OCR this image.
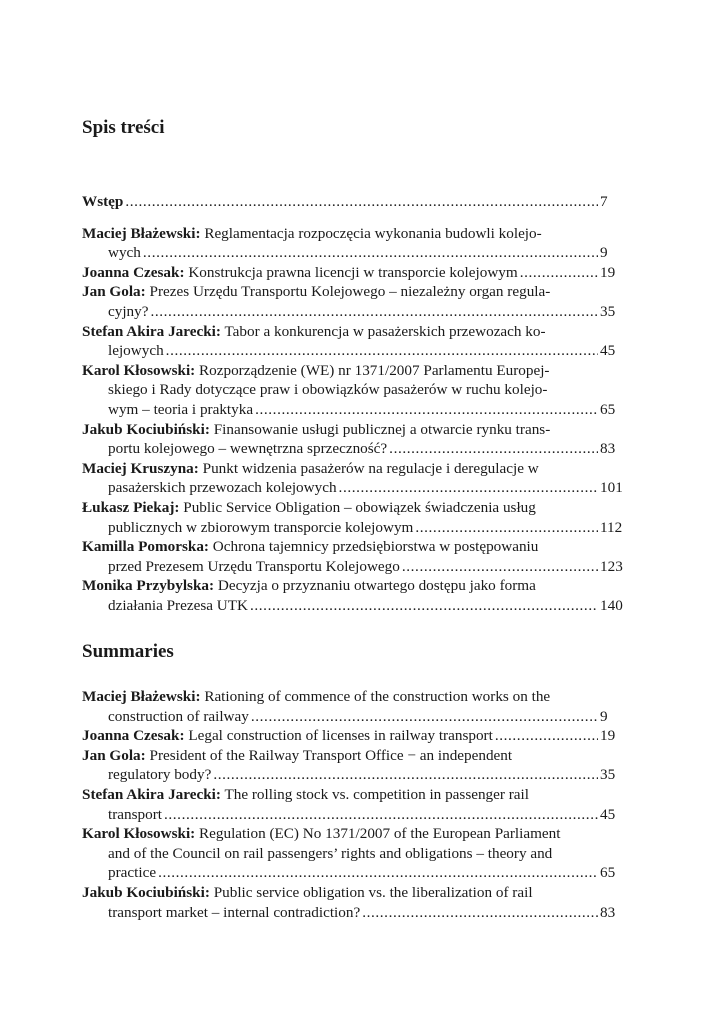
Spis treści
Wstęp . . .	7
Maciej Błażewski: Reglamentacja rozpoczęcia wykonania budowli kolejo-
wych . . .	9
Joanna Czesak: Konstrukcja prawna licencji w transporcie kolejowym . . .	19
Jan Gola: Prezes Urzędu Transportu Kolejowego – niezależny organ regula-
cyjny? . . .	35
Stefan Akira Jarecki: Tabor a konkurencja w pasażerskich przewozach ko-
lejowych . . .	45
Karol Kłosowski: Rozporządzenie (WE) nr 1371/2007 Parlamentu Europej-
skiego i Rady dotyczące praw i obowiązków pasażerów w ruchu kolejo-
wym – teoria i praktyka . . .	65
Jakub Kociubiński: Finansowanie usługi publicznej a otwarcie rynku trans-
portu kolejowego – wewnętrzna sprzeczność? . . .	83
Maciej Kruszyna: Punkt widzenia pasażerów na regulacje i deregulacje w
pasażerskich przewozach kolejowych . . .	101
Łukasz Piekaj: Public Service Obligation – obowiązek świadczenia usług
publicznych w zbiorowym transporcie kolejowym . . .	112
Kamilla Pomorska: Ochrona tajemnicy przedsiębiorstwa w postępowaniu
przed Prezesem Urzędu Transportu Kolejowego . . .	123
Monika Przybylska: Decyzja o przyznaniu otwartego dostępu jako forma
działania Prezesa UTK . . .	140
Summaries
Maciej Błażewski: Rationing of commence of the construction works on the
construction of railway . . .	9
Joanna Czesak: Legal construction of licenses in railway transport . . .	19
Jan Gola: President of the Railway Transport Office − an independent
regulatory body? . . .	35
Stefan Akira Jarecki: The rolling stock vs. competition in passenger rail
transport . . .	45
Karol Kłosowski: Regulation (EC) No 1371/2007 of the European Parliament
and of the Council on rail passengers’ rights and obligations – theory and
practice . . .	65
Jakub Kociubiński: Public service obligation vs. the liberalization of rail
transport market – internal contradiction? . . .	83
